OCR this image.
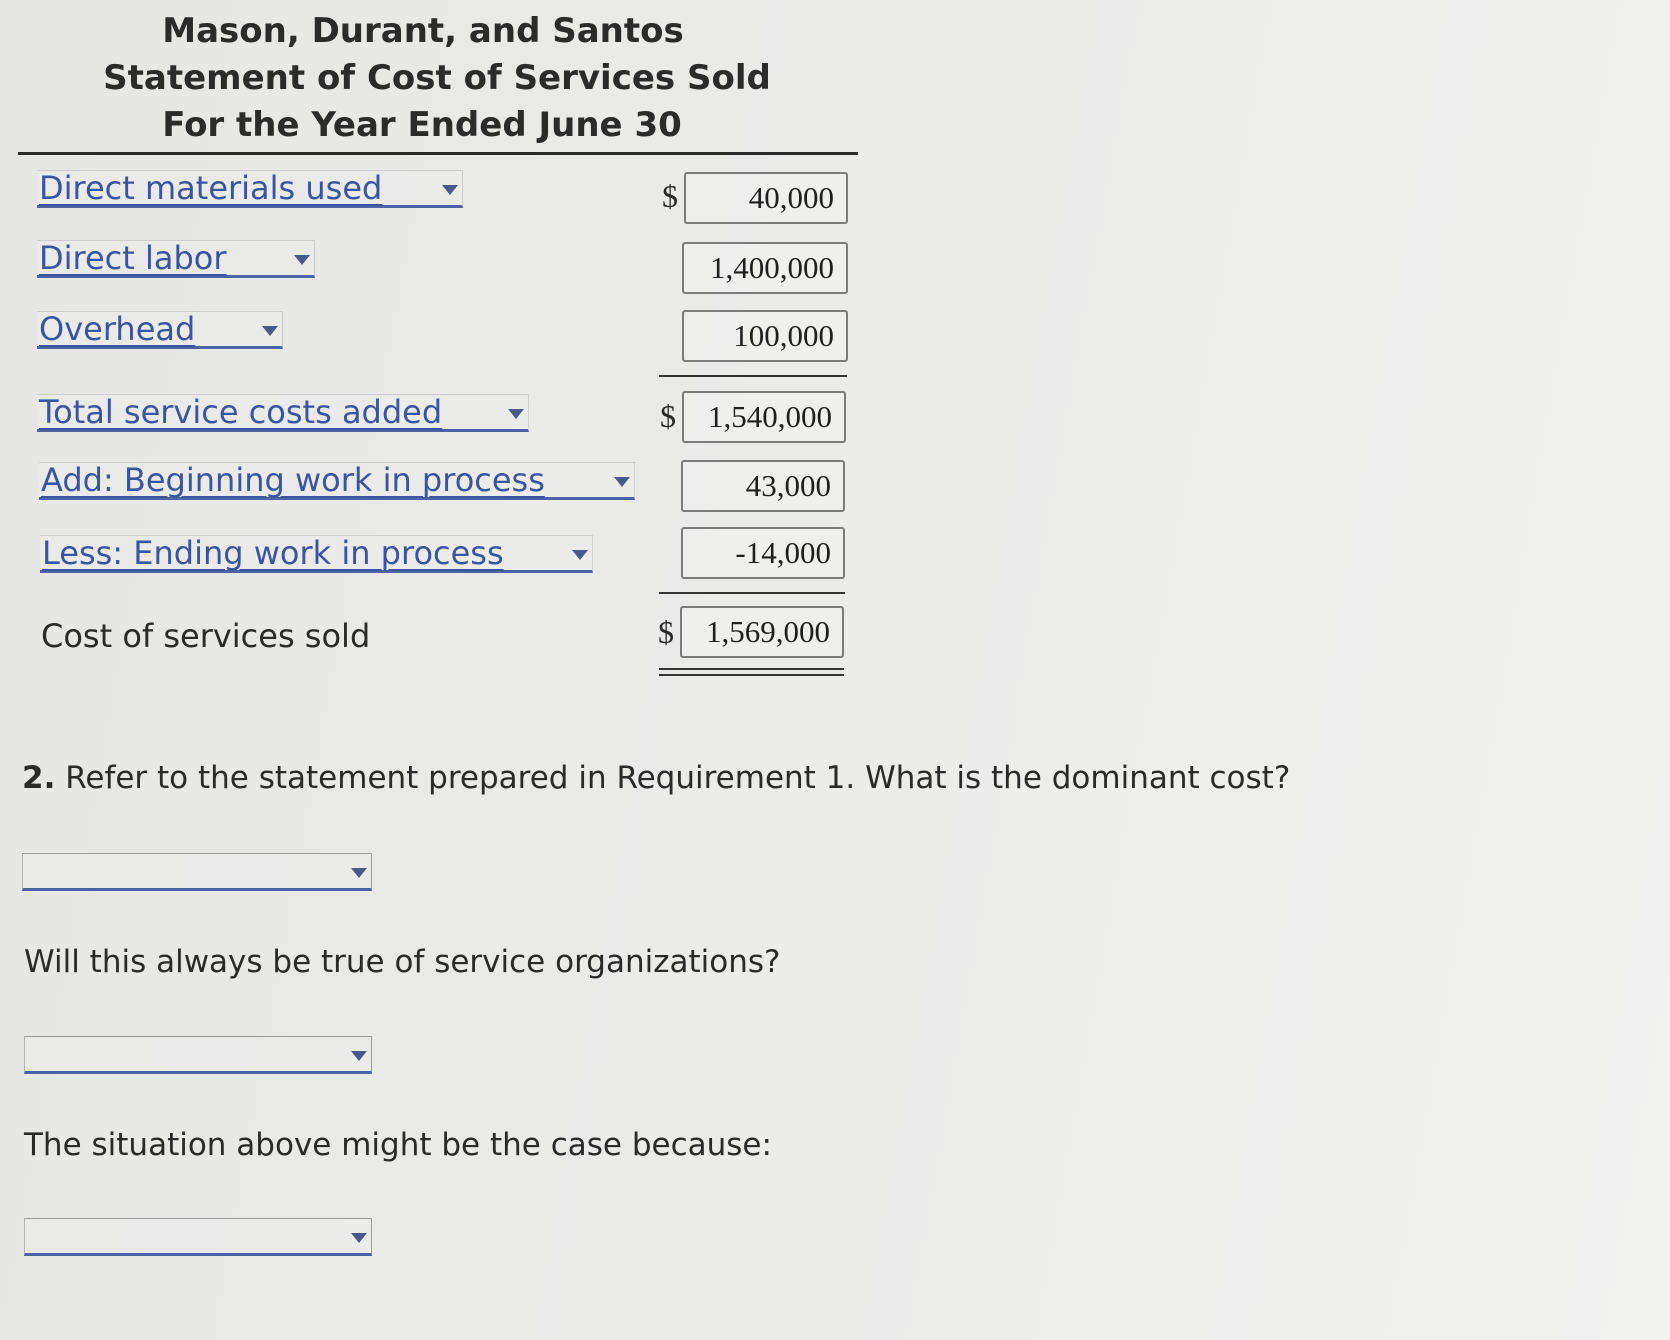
Mason, Durant, and Santos
Statement of Cost of Services Sold
For the Year Ended June 30
Direct materials used	$	40,000
Direct labor	1,400,000
Overhead	100,000
Total service costs added	$	1,540,000
Add: Beginning work in process	43,000
Less: Ending work in process	-14,000
Cost of services sold	$	1,569,000
2. Refer to the statement prepared in Requirement 1. What is the dominant cost?
Will this always be true of service organizations?
The situation above might be the case because:
